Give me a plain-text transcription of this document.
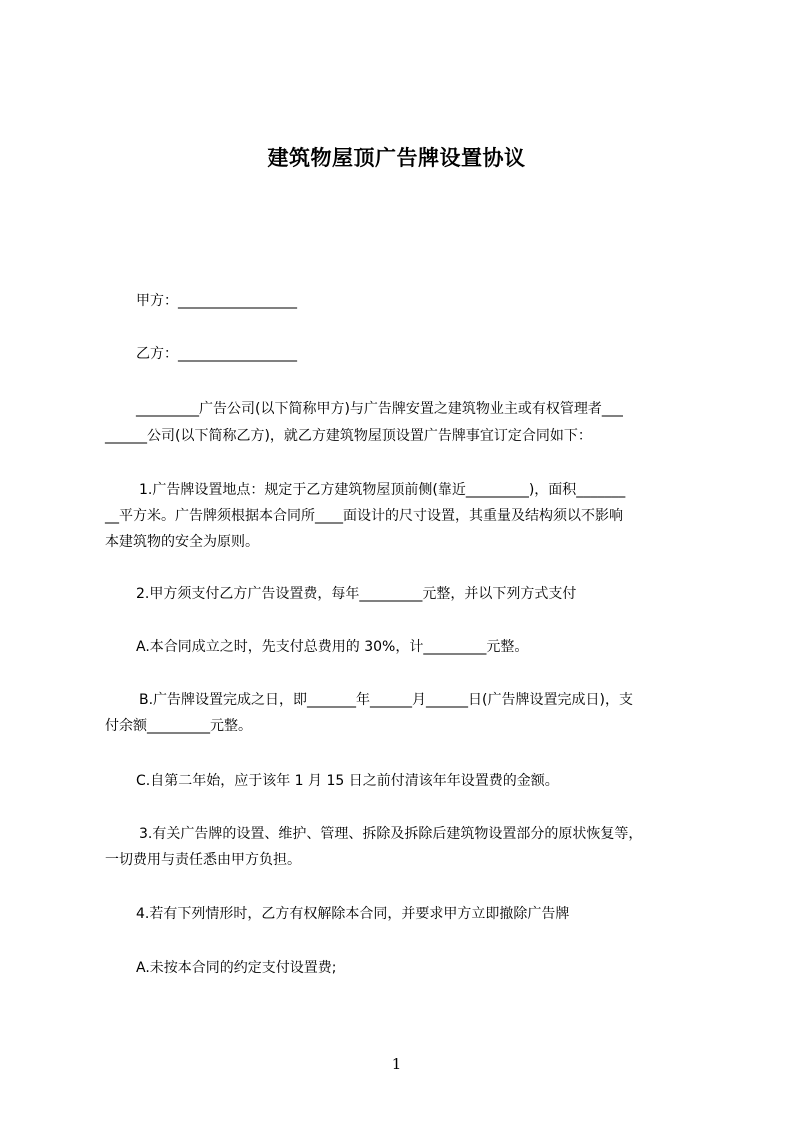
建筑物屋顶广告牌设置协议
甲方：_________________
乙方：_________________
_________广告公司(以下简称甲方)与广告牌安置之建筑物业主或有权管理者___
______公司(以下简称乙方)，就乙方建筑物屋顶设置广告牌事宜订定合同如下：
1.广告牌设置地点：规定于乙方建筑物屋顶前侧(靠近_________)，面积_______
__平方米。广告牌须根据本合同所____面设计的尺寸设置，其重量及结构须以不影响
本建筑物的安全为原则。
2.甲方须支付乙方广告设置费，每年_________元整，并以下列方式支付
A.本合同成立之时，先支付总费用的 30%，计_________元整。
B.广告牌设置完成之日，即_______年______月______日(广告牌设置完成日)，支
付余额_________元整。
C.自第二年始，应于该年 1 月 15 日之前付清该年年设置费的金额。
3.有关广告牌的设置、维护、管理、拆除及拆除后建筑物设置部分的原状恢复等，
一切费用与责任悉由甲方负担。
4.若有下列情形时，乙方有权解除本合同，并要求甲方立即撤除广告牌
A.未按本合同的约定支付设置费;
1
